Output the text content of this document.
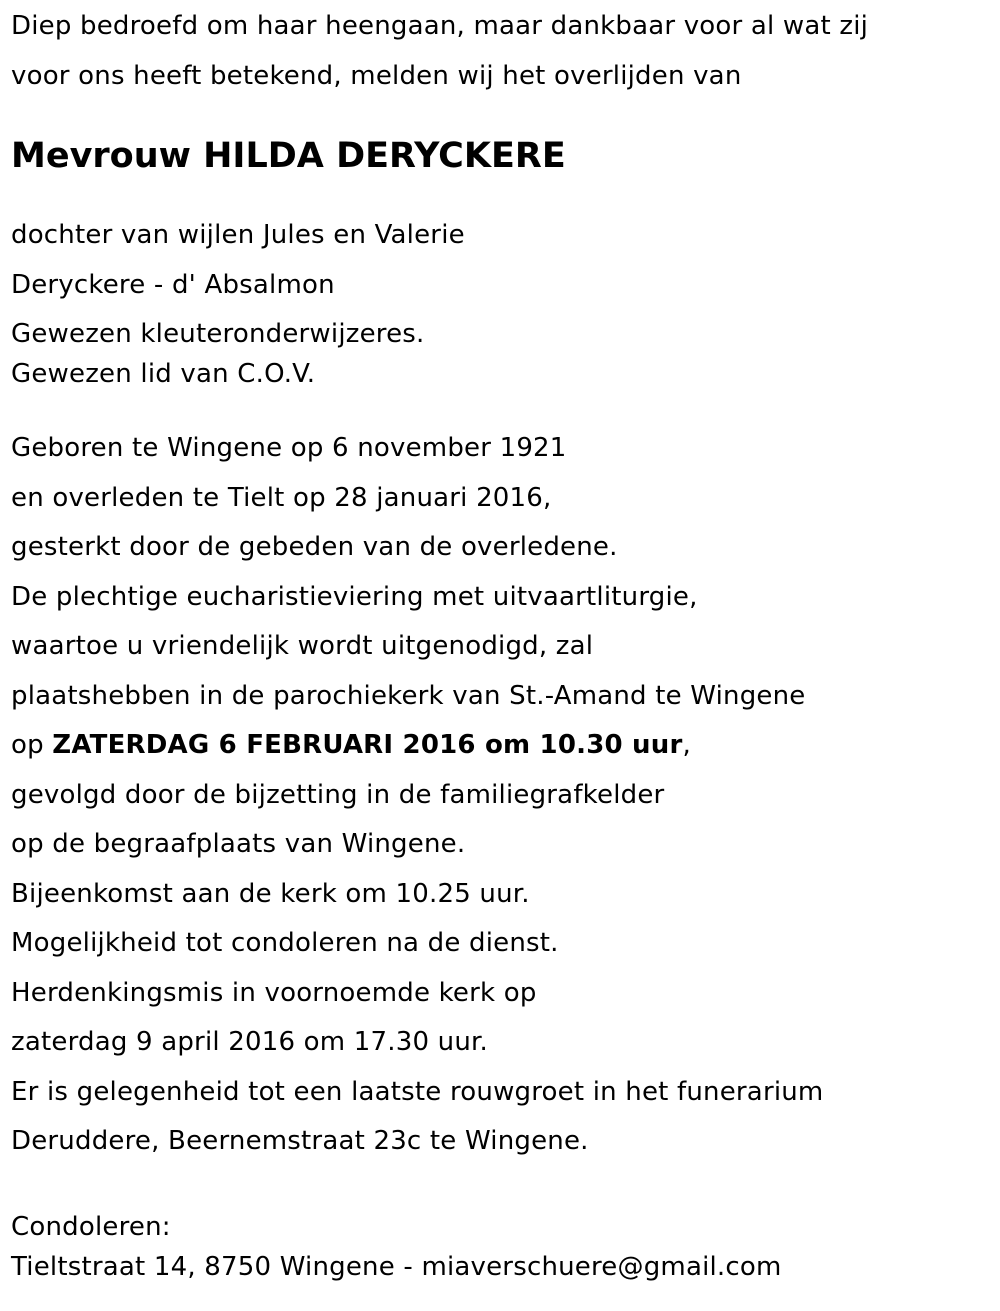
Diep bedroefd om haar heengaan, maar dankbaar voor al wat zij
voor ons heeft betekend, melden wij het overlijden van
Mevrouw HILDA DERYCKERE
dochter van wijlen Jules en Valerie
Deryckere - d' Absalmon
Gewezen kleuteronderwijzeres.
Gewezen lid van C.O.V.
Geboren te Wingene op 6 november 1921
en overleden te Tielt op 28 januari 2016,
gesterkt door de gebeden van de overledene.
De plechtige eucharistieviering met uitvaartliturgie,
waartoe u vriendelijk wordt uitgenodigd, zal
plaatshebben in de parochiekerk van St.-Amand te Wingene
op ZATERDAG 6 FEBRUARI 2016 om 10.30 uur,
gevolgd door de bijzetting in de familiegrafkelder
op de begraafplaats van Wingene.
Bijeenkomst aan de kerk om 10.25 uur.
Mogelijkheid tot condoleren na de dienst.
Herdenkingsmis in voornoemde kerk op
zaterdag 9 april 2016 om 17.30 uur.
Er is gelegenheid tot een laatste rouwgroet in het funerarium
Deruddere, Beernemstraat 23c te Wingene.
Condoleren:
Tieltstraat 14, 8750 Wingene - miaverschuere@gmail.com
